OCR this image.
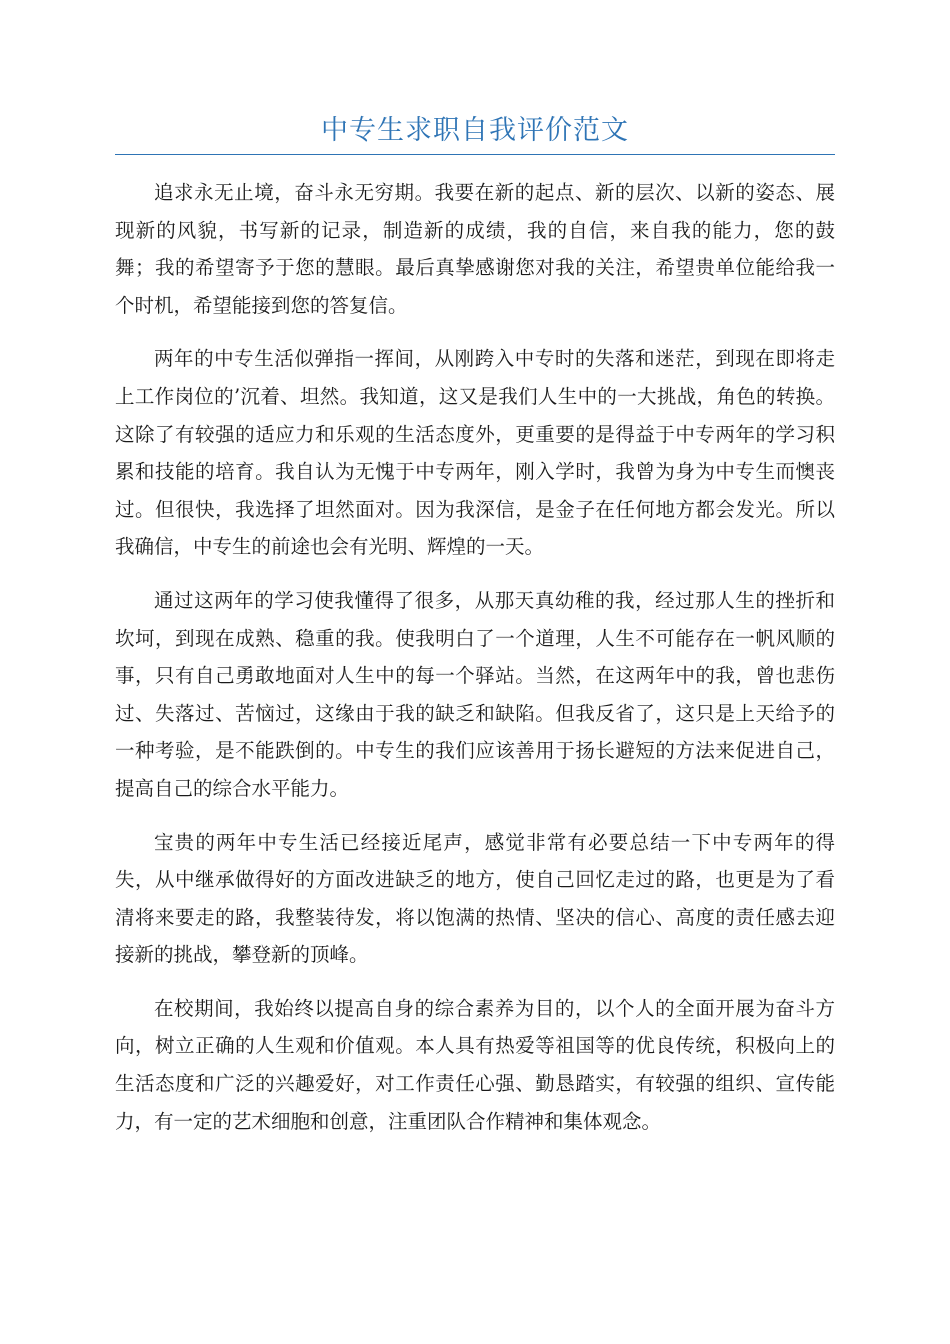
中专生求职自我评价范文

追求永无止境，奋斗永无穷期。我要在新的起点、新的层次、以新的姿态、展现新的风貌，书写新的记录，制造新的成绩，我的自信，来自我的能力，您的鼓舞；我的希望寄予于您的慧眼。最后真挚感谢您对我的关注，希望贵单位能给我一个时机，希望能接到您的答复信。

两年的中专生活似弹指一挥间，从刚跨入中专时的失落和迷茫，到现在即将走上工作岗位的’沉着、坦然。我知道，这又是我们人生中的一大挑战，角色的转换。这除了有较强的适应力和乐观的生活态度外，更重要的是得益于中专两年的学习积累和技能的培育。我自认为无愧于中专两年，刚入学时，我曾为身为中专生而懊丧过。但很快，我选择了坦然面对。因为我深信，是金子在任何地方都会发光。所以我确信，中专生的前途也会有光明、辉煌的一天。

通过这两年的学习使我懂得了很多，从那天真幼稚的我，经过那人生的挫折和坎坷，到现在成熟、稳重的我。使我明白了一个道理，人生不可能存在一帆风顺的事，只有自己勇敢地面对人生中的每一个驿站。当然，在这两年中的我，曾也悲伤过、失落过、苦恼过，这缘由于我的缺乏和缺陷。但我反省了，这只是上天给予的一种考验，是不能跌倒的。中专生的我们应该善用于扬长避短的方法来促进自己，提高自己的综合水平能力。

宝贵的两年中专生活已经接近尾声，感觉非常有必要总结一下中专两年的得失，从中继承做得好的方面改进缺乏的地方，使自己回忆走过的路，也更是为了看清将来要走的路，我整装待发，将以饱满的热情、坚决的信心、高度的责任感去迎接新的挑战，攀登新的顶峰。

在校期间，我始终以提高自身的综合素养为目的，以个人的全面开展为奋斗方向，树立正确的人生观和价值观。本人具有热爱等祖国等的优良传统，积极向上的生活态度和广泛的兴趣爱好，对工作责任心强、勤恳踏实，有较强的组织、宣传能力，有一定的艺术细胞和创意，注重团队合作精神和集体观念。
